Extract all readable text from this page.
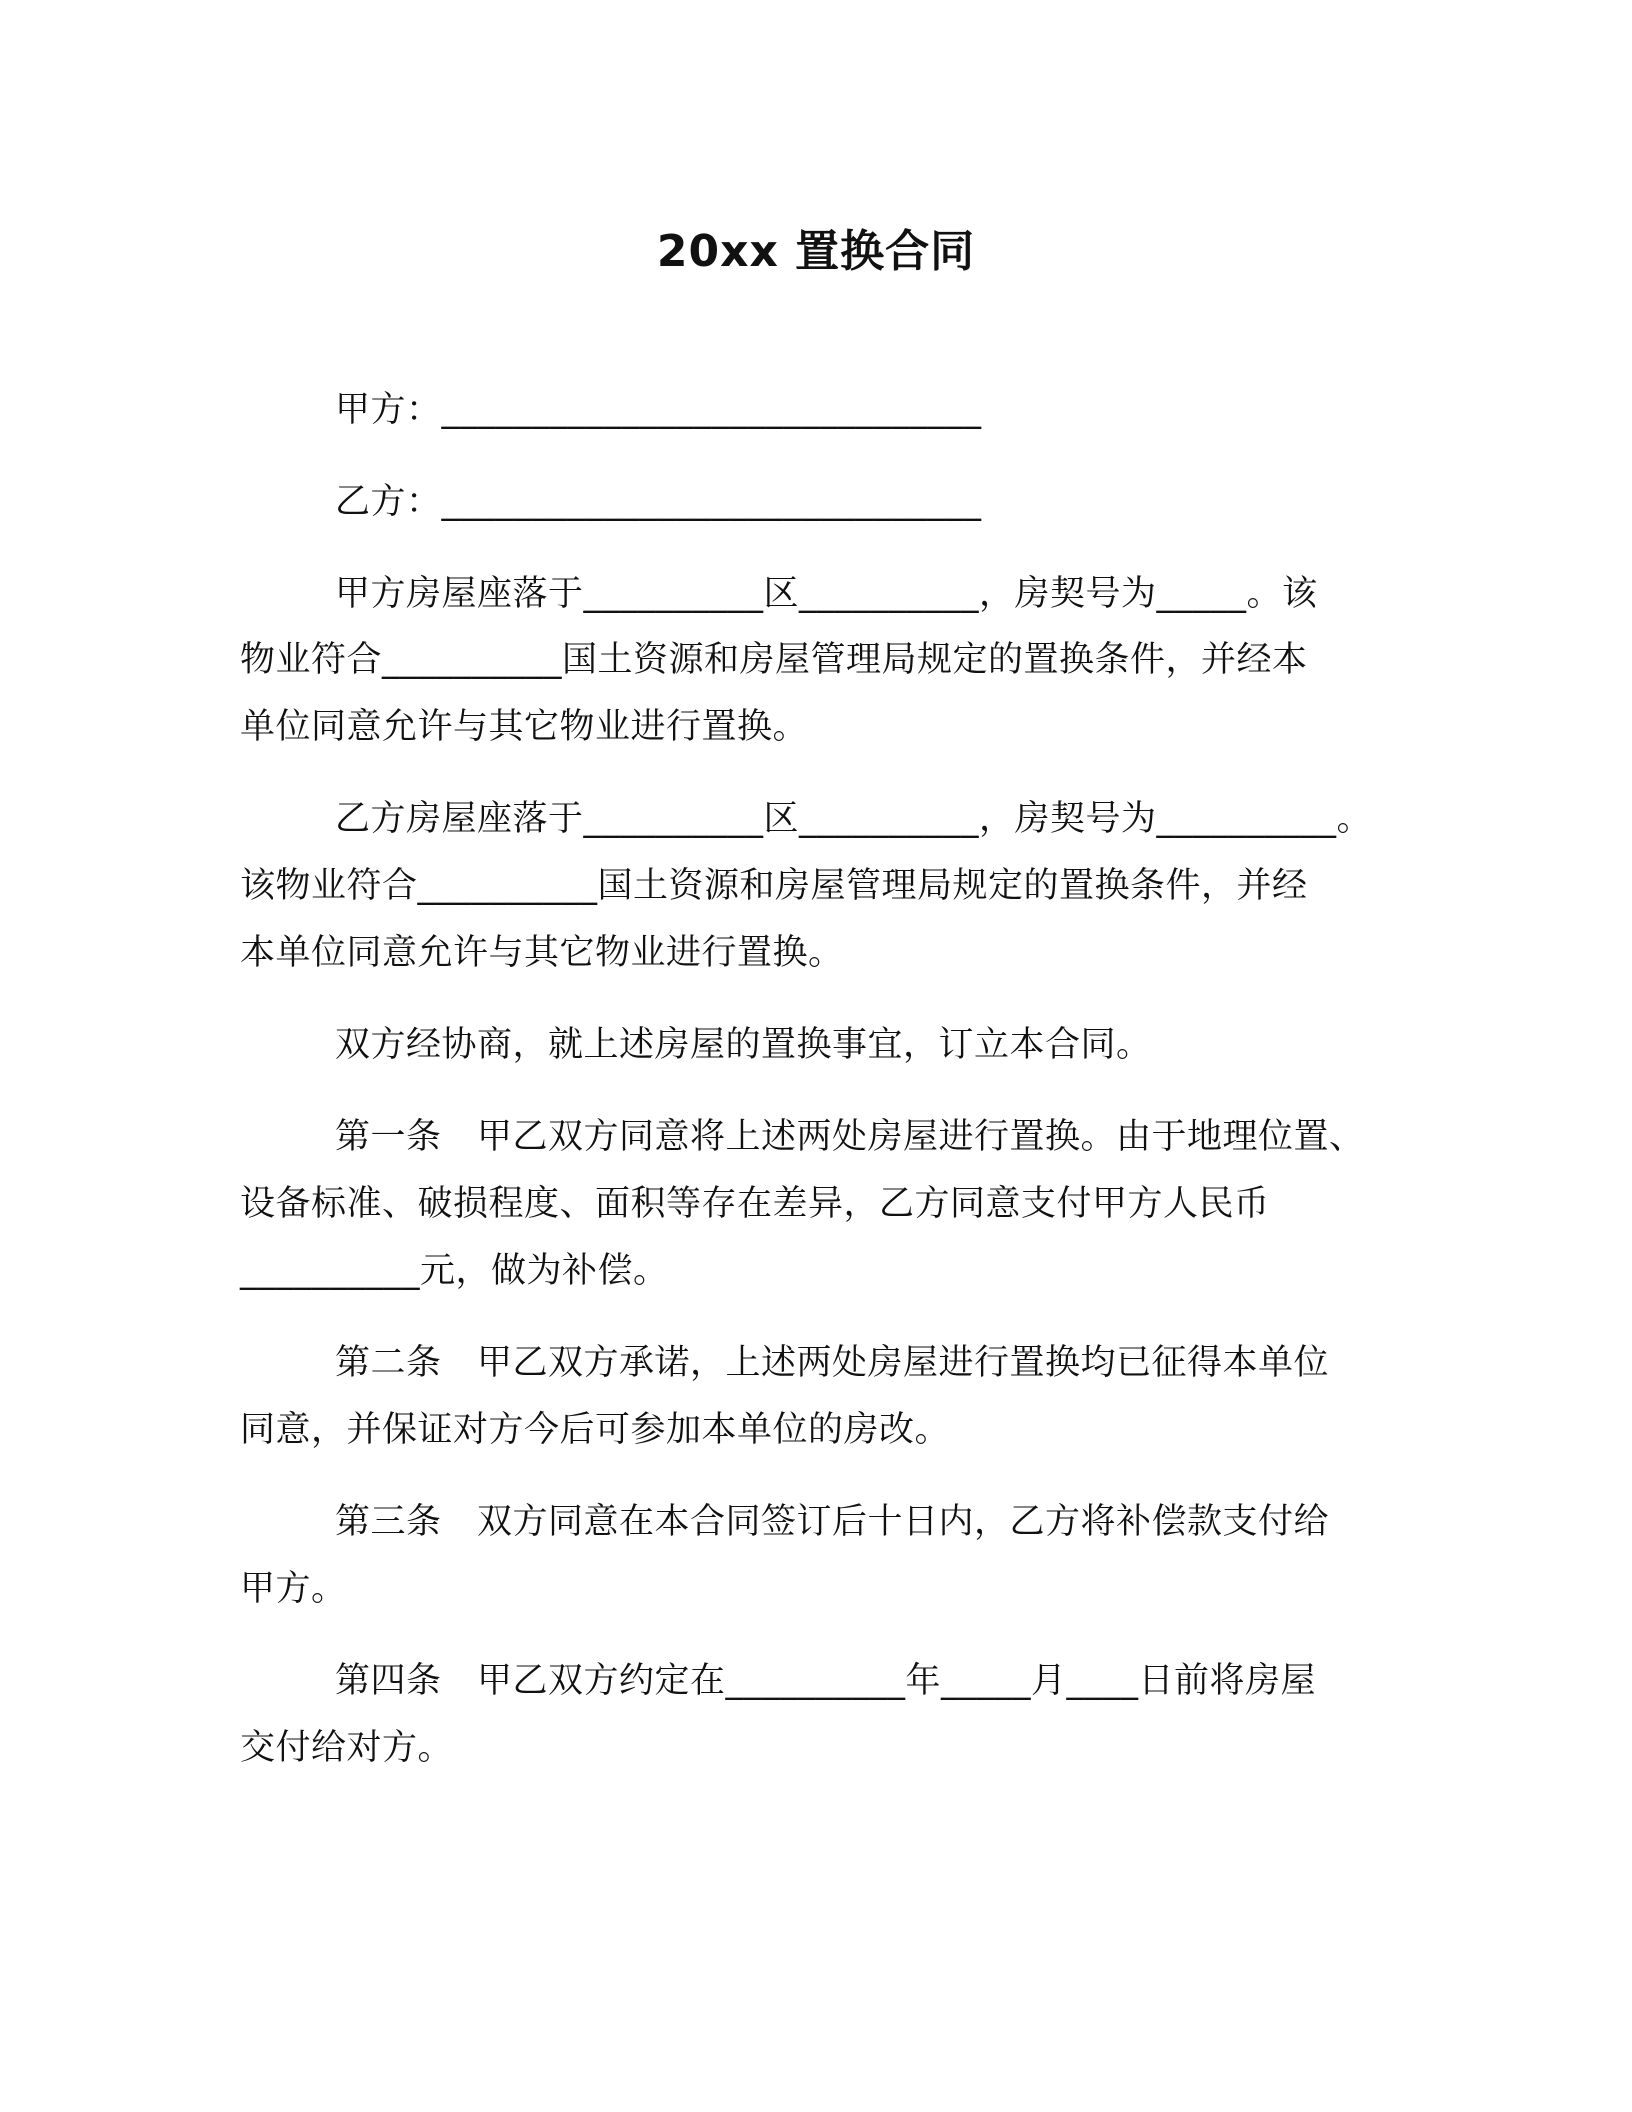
20xx 置换合同
甲方：______________________________
乙方：______________________________
甲方房屋座落于__________区__________，房契号为_____。该
物业符合__________国土资源和房屋管理局规定的置换条件，并经本
单位同意允许与其它物业进行置换。
乙方房屋座落于__________区__________，房契号为__________。
该物业符合__________国土资源和房屋管理局规定的置换条件，并经
本单位同意允许与其它物业进行置换。
双方经协商，就上述房屋的置换事宜，订立本合同。
第一条　甲乙双方同意将上述两处房屋进行置换。由于地理位置、
设备标准、破损程度、面积等存在差异，乙方同意支付甲方人民币
__________元，做为补偿。
第二条　甲乙双方承诺，上述两处房屋进行置换均已征得本单位
同意，并保证对方今后可参加本单位的房改。
第三条　双方同意在本合同签订后十日内，乙方将补偿款支付给
甲方。
第四条　甲乙双方约定在__________年_____月____日前将房屋
交付给对方。
